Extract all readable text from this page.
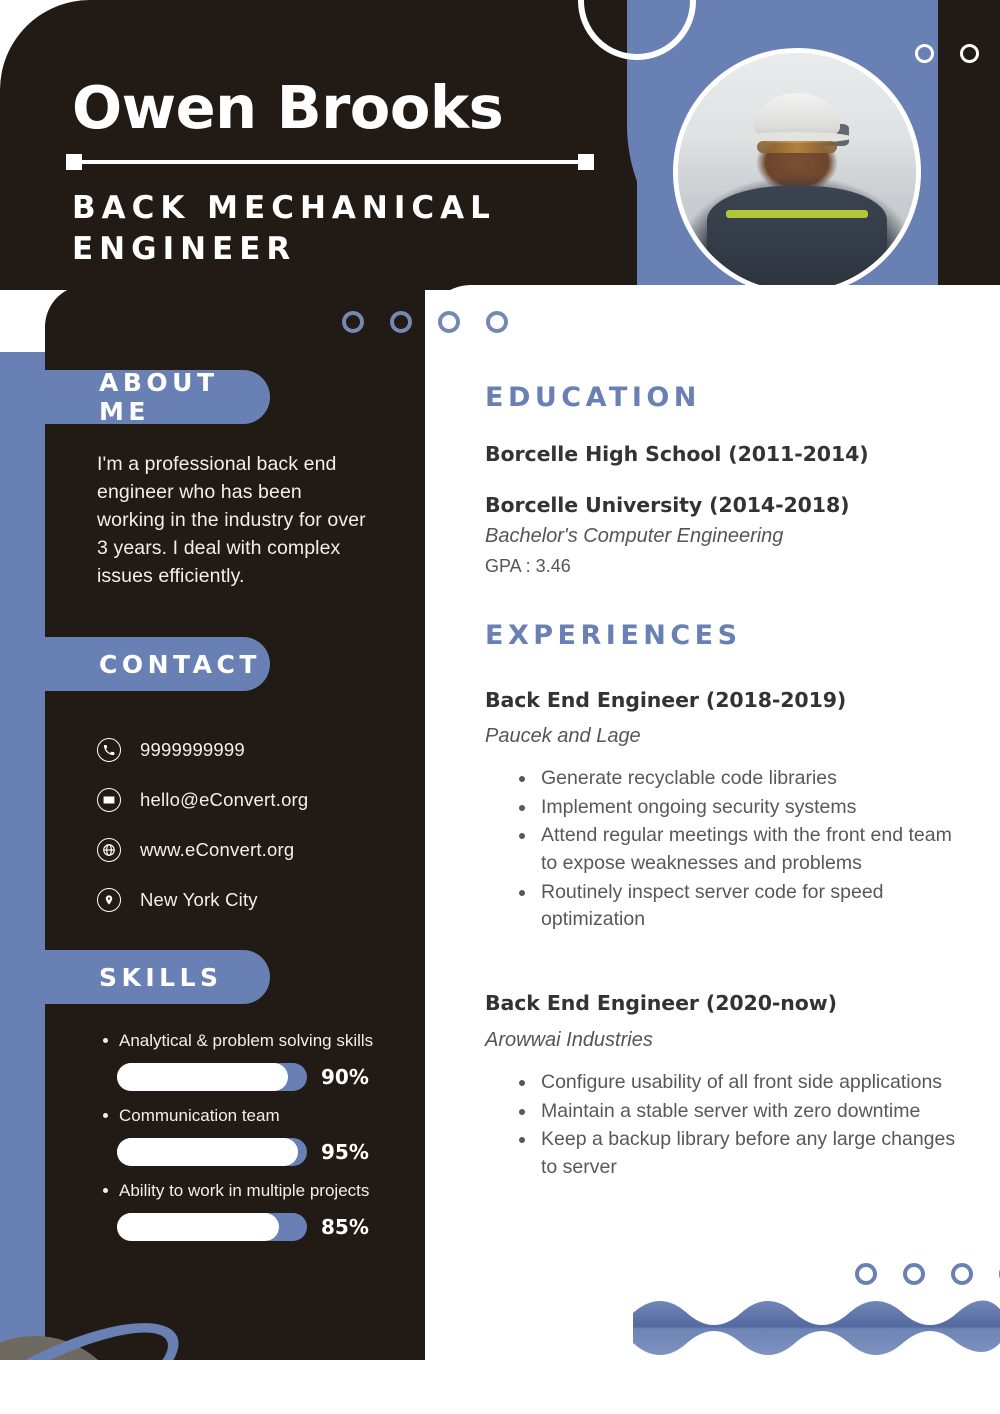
Owen Brooks
BACK MECHANICAL ENGINEER
ABOUT ME
I'm a professional back end engineer who has been working in the industry for over 3 years. I deal with complex issues efficiently.
CONTACT
9999999999
hello@eConvert.org
www.eConvert.org
New York City
SKILLS
Analytical & problem solving skills
90%
Communication team
95%
Ability to work in multiple projects
85%
EDUCATION
Borcelle High School (2011-2014)
Borcelle University (2014-2018)
Bachelor's Computer Engineering
GPA : 3.46
EXPERIENCES
Back End Engineer (2018-2019)
Paucek and Lage
Generate recyclable code libraries
Implement ongoing security systems
Attend regular meetings with the front end team to expose weaknesses and problems
Routinely inspect server code for speed optimization
Back End Engineer (2020-now)
Arowwai Industries
Configure usability of all front side applications
Maintain a stable server with zero downtime
Keep a backup library before any large changes to server
